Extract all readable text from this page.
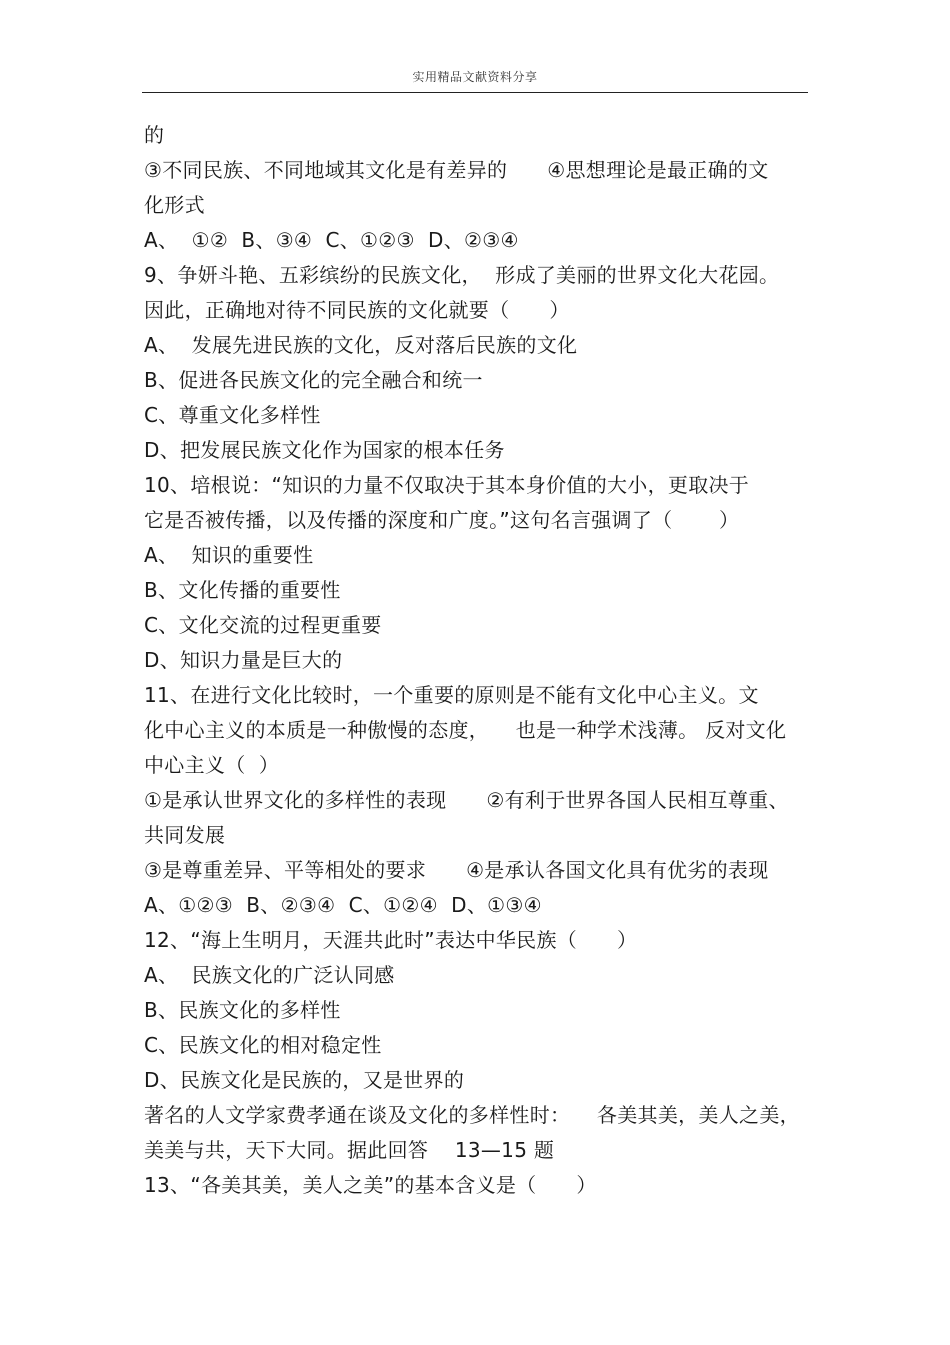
实用精品文献资料分享
的
③不同民族、不同地域其文化是有差异的      ④思想理论是最正确的文
化形式
A、  ①②  B、③④  C、①②③  D、②③④
9、争妍斗艳、五彩缤纷的民族文化，  形成了美丽的世界文化大花园。
因此，正确地对待不同民族的文化就要（      ）
A、  发展先进民族的文化，反对落后民族的文化
B、促进各民族文化的完全融合和统一
C、尊重文化多样性
D、把发展民族文化作为国家的根本任务
10、培根说：“知识的力量不仅取决于其本身价值的大小，更取决于
它是否被传播，以及传播的深度和广度。”这句名言强调了（       ）
A、  知识的重要性
B、文化传播的重要性
C、文化交流的过程更重要
D、知识力量是巨大的
11、在进行文化比较时，一个重要的原则是不能有文化中心主义。文
化中心主义的本质是一种傲慢的态度，    也是一种学术浅薄。 反对文化
中心主义（  ）
①是承认世界文化的多样性的表现      ②有利于世界各国人民相互尊重、
共同发展
③是尊重差异、平等相处的要求      ④是承认各国文化具有优劣的表现
A、①②③  B、②③④  C、①②④  D、①③④
12、“海上生明月，天涯共此时”表达中华民族（      ）
A、  民族文化的广泛认同感
B、民族文化的多样性
C、民族文化的相对稳定性
D、民族文化是民族的，又是世界的
著名的人文学家费孝通在谈及文化的多样性时：    各美其美，美人之美，
美美与共，天下大同。据此回答    13—15 题
13、“各美其美，美人之美”的基本含义是（      ）
